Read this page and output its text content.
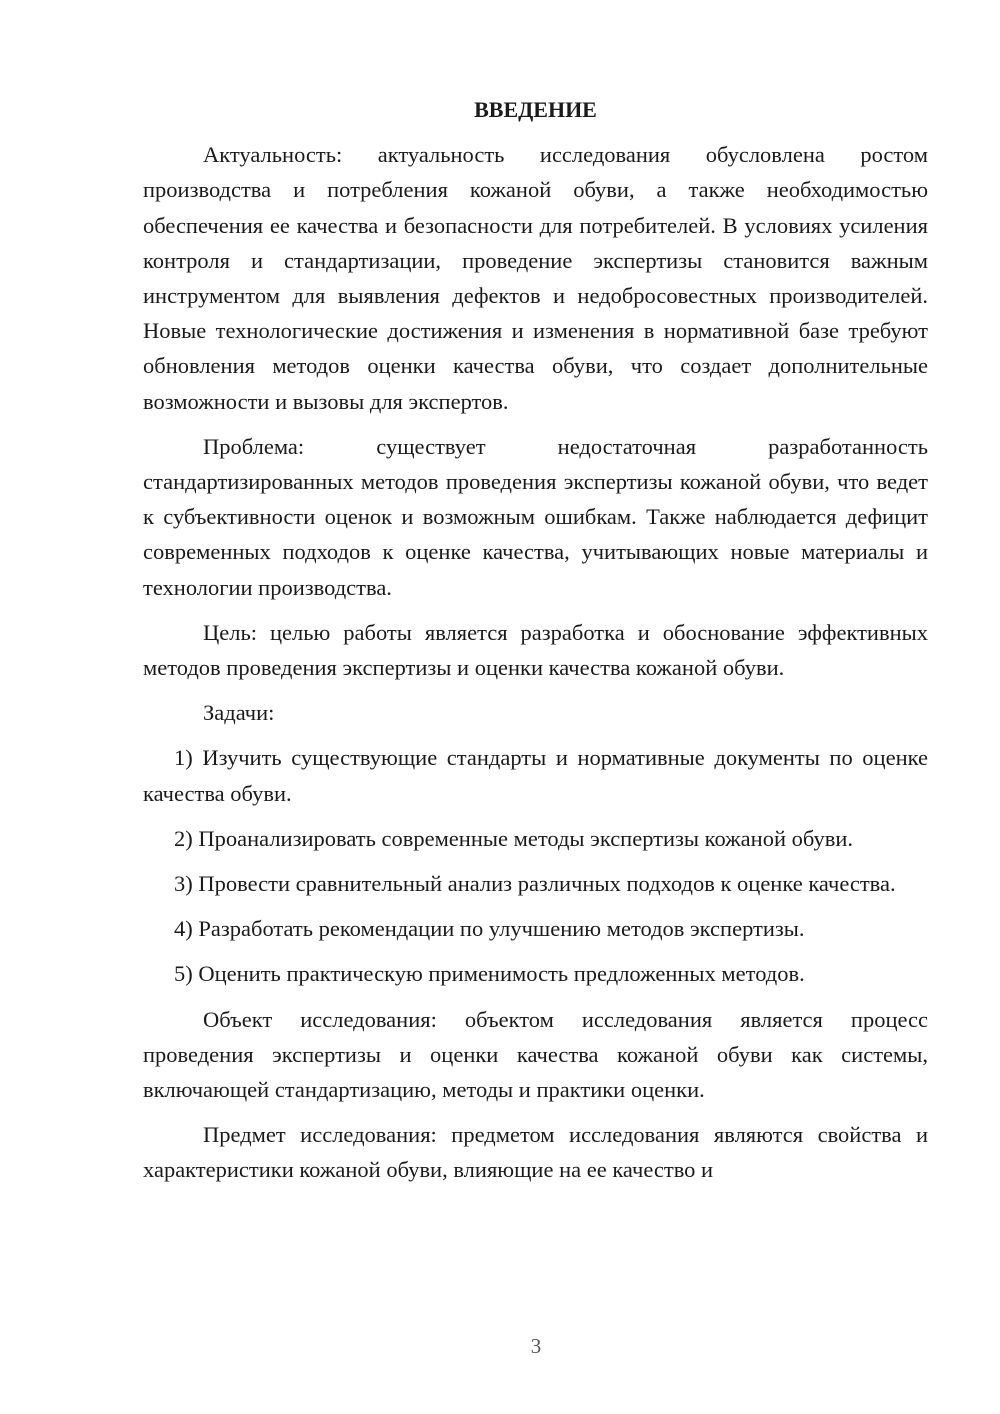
ВВЕДЕНИЕ

Актуальность: актуальность исследования обусловлена ростом производства и потребления кожаной обуви, а также необходимостью обеспечения ее качества и безопасности для потребителей. В условиях усиления контроля и стандартизации, проведение экспертизы становится важным инструментом для выявления дефектов и недобросовестных производителей. Новые технологические достижения и изменения в нормативной базе требуют обновления методов оценки качества обуви, что создает дополнительные возможности и вызовы для экспертов.

Проблема: существует недостаточная разработанность стандартизированных методов проведения экспертизы кожаной обуви, что ведет к субъективности оценок и возможным ошибкам. Также наблюдается дефицит современных подходов к оценке качества, учитывающих новые материалы и технологии производства.

Цель: целью работы является разработка и обоснование эффективных методов проведения экспертизы и оценки качества кожаной обуви.

Задачи:

1) Изучить существующие стандарты и нормативные документы по оценке качества обуви.

2) Проанализировать современные методы экспертизы кожаной обуви.

3) Провести сравнительный анализ различных подходов к оценке качества.

4) Разработать рекомендации по улучшению методов экспертизы.

5) Оценить практическую применимость предложенных методов.

Объект исследования: объектом исследования является процесс проведения экспертизы и оценки качества кожаной обуви как системы, включающей стандартизацию, методы и практики оценки.

Предмет исследования: предметом исследования являются свойства и характеристики кожаной обуви, влияющие на ее качество и

3
